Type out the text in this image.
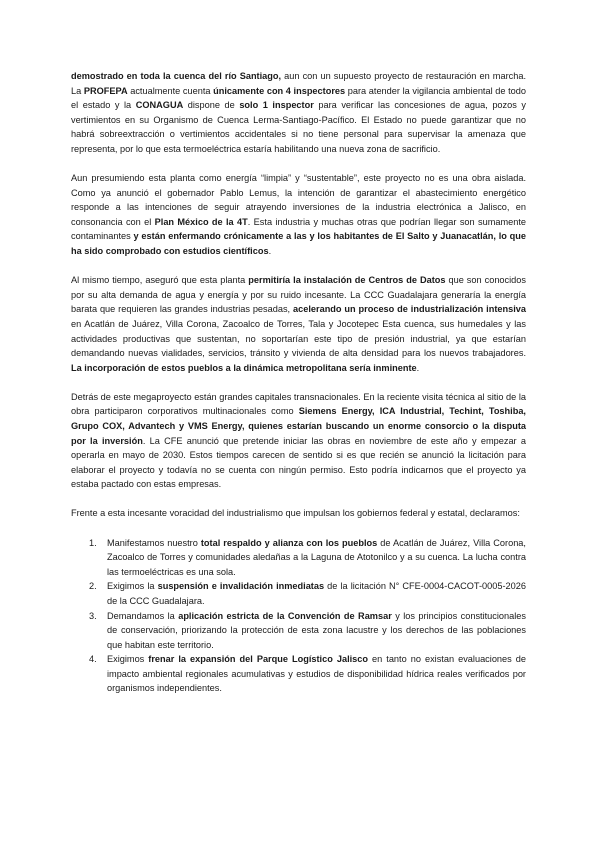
demostrado en toda la cuenca del río Santiago, aun con un supuesto proyecto de restauración en marcha. La PROFEPA actualmente cuenta únicamente con 4 inspectores para atender la vigilancia ambiental de todo el estado y la CONAGUA dispone de solo 1 inspector para verificar las concesiones de agua, pozos y vertimientos en su Organismo de Cuenca Lerma-Santiago-Pacífico. El Estado no puede garantizar que no habrá sobreextracción o vertimientos accidentales si no tiene personal para supervisar la amenaza que representa, por lo que esta termoeléctrica estaría habilitando una nueva zona de sacrificio.

Aun presumiendo esta planta como energía “limpia” y “sustentable”, este proyecto no es una obra aislada. Como ya anunció el gobernador Pablo Lemus, la intención de garantizar el abastecimiento energético responde a las intenciones de seguir atrayendo inversiones de la industria electrónica a Jalisco, en consonancia con el Plan México de la 4T. Esta industria y muchas otras que podrían llegar son sumamente contaminantes y están enfermando crónicamente a las y los habitantes de El Salto y Juanacatlán, lo que ha sido comprobado con estudios científicos.

Al mismo tiempo, aseguró que esta planta permitiría la instalación de Centros de Datos que son conocidos por su alta demanda de agua y energía y por su ruido incesante. La CCC Guadalajara generaría la energía barata que requieren las grandes industrias pesadas, acelerando un proceso de industrialización intensiva en Acatlán de Juárez, Villa Corona, Zacoalco de Torres, Tala y Jocotepec Esta cuenca, sus humedales y las actividades productivas que sustentan, no soportarían este tipo de presión industrial, ya que estarían demandando nuevas vialidades, servicios, tránsito y vivienda de alta densidad para los nuevos trabajadores. La incorporación de estos pueblos a la dinámica metropolitana sería inminente.

Detrás de este megaproyecto están grandes capitales transnacionales. En la reciente visita técnica al sitio de la obra participaron corporativos multinacionales como Siemens Energy, ICA Industrial, Techint, Toshiba, Grupo COX, Advantech y VMS Energy, quienes estarían buscando un enorme consorcio o la disputa por la inversión. La CFE anunció que pretende iniciar las obras en noviembre de este año y empezar a operarla en mayo de 2030. Estos tiempos carecen de sentido si es que recién se anunció la licitación para elaborar el proyecto y todavía no se cuenta con ningún permiso. Esto podría indicarnos que el proyecto ya estaba pactado con estas empresas.

Frente a esta incesante voracidad del industrialismo que impulsan los gobiernos federal y estatal, declaramos:

1.	Manifestamos nuestro total respaldo y alianza con los pueblos de Acatlán de Juárez, Villa Corona, Zacoalco de Torres y comunidades aledañas a la Laguna de Atotonilco y a su cuenca. La lucha contra las termoeléctricas es una sola.
2.	Exigimos la suspensión e invalidación inmediatas de la licitación N° CFE-0004-CACOT-0005-2026 de la CCC Guadalajara.
3.	Demandamos la aplicación estricta de la Convención de Ramsar y los principios constitucionales de conservación, priorizando la protección de esta zona lacustre y los derechos de las poblaciones que habitan este territorio.
4.	Exigimos frenar la expansión del Parque Logístico Jalisco en tanto no existan evaluaciones de impacto ambiental regionales acumulativas y estudios de disponibilidad hídrica reales verificados por organismos independientes.
